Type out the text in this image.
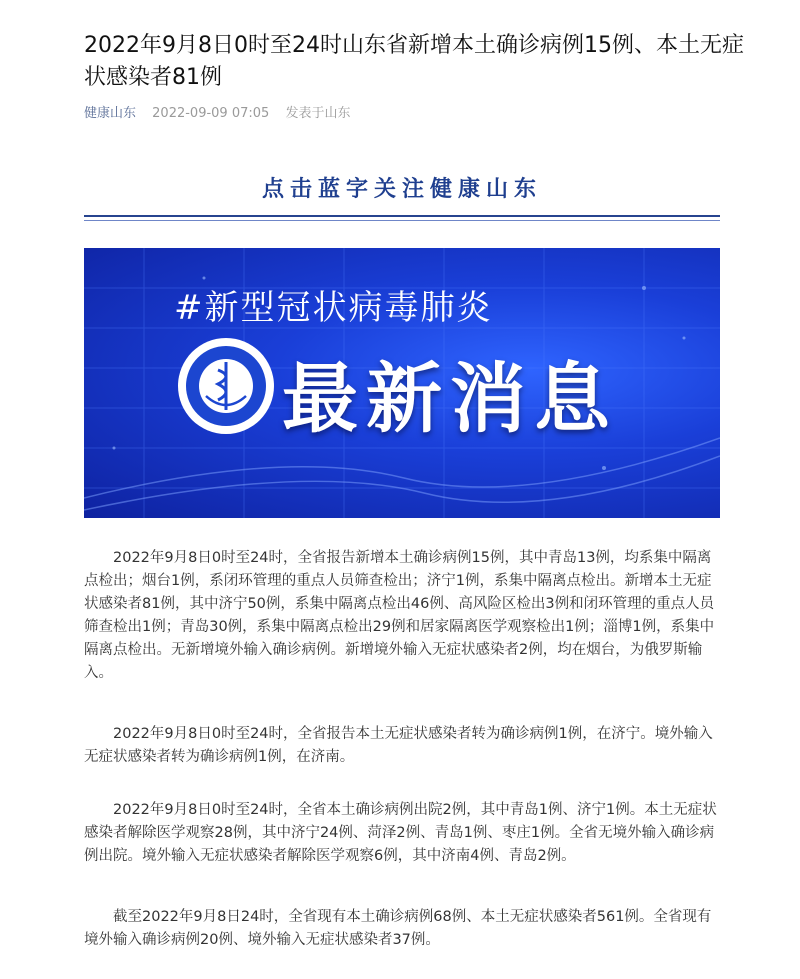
2022年9月8日0时至24时山东省新增本土确诊病例15例、本土无症状感染者81例
健康山东 2022-09-09 07:05 发表于山东
点击蓝字关注健康山东
#新型冠状病毒肺炎
最新消息

2022年9月8日0时至24时，全省报告新增本土确诊病例15例，其中青岛13例，均系集中隔离点检出；烟台1例，系闭环管理的重点人员筛查检出；济宁1例，系集中隔离点检出。新增本土无症状感染者81例，其中济宁50例，系集中隔离点检出46例、高风险区检出3例和闭环管理的重点人员筛查检出1例；青岛30例，系集中隔离点检出29例和居家隔离医学观察检出1例；淄博1例，系集中隔离点检出。无新增境外输入确诊病例。新增境外输入无症状感染者2例，均在烟台，为俄罗斯输入。

2022年9月8日0时至24时，全省报告本土无症状感染者转为确诊病例1例，在济宁。境外输入无症状感染者转为确诊病例1例，在济南。

2022年9月8日0时至24时，全省本土确诊病例出院2例，其中青岛1例、济宁1例。本土无症状感染者解除医学观察28例，其中济宁24例、菏泽2例、青岛1例、枣庄1例。全省无境外输入确诊病例出院。境外输入无症状感染者解除医学观察6例，其中济南4例、青岛2例。

截至2022年9月8日24时，全省现有本土确诊病例68例、本土无症状感染者561例。全省现有境外输入确诊病例20例、境外输入无症状感染者37例。
